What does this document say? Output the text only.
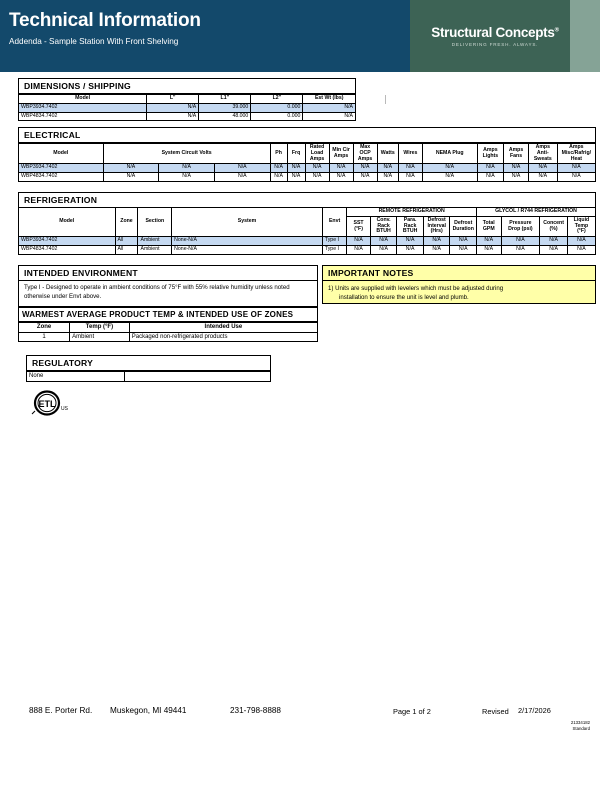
Technical Information
Addenda - Sample Station With Front Shelving
Structural Concepts®
DELIVERING FRESH. ALWAYS.
DIMENSIONS / SHIPPING
Model	L"	L1"	L2"	Est Wt (lbs)
WBP3934.7402	N/A	39.000	0.000	N/A
WBP4834.7402	N/A	48.000	0.000	N/A
ELECTRICAL
Model	System Circuit Volts			Ph	Frq	Rated Load Amps	Min Cir Amps	Max OCP Amps	Watts	Wires	NEMA Plug	Amps Lights	Amps Fans	Amps Anti-Sweats	Amps Misc/Rafrig/ Heat
WBP3934.7402	N/A	N/A	N/A	N/A	N/A	N/A	N/A	N/A	N/A	N/A	N/A	N/A	N/A	N/A	N/A
WBP4834.7402	N/A	N/A	N/A	N/A	N/A	N/A	N/A	N/A	N/A	N/A	N/A	N/A	N/A	N/A	N/A
REFRIGERATION
Model	Zone	Section	System	Envt	REMOTE REFRIGERATION					GLYCOL / R744 REFRIGERATION			
					SST (°F)	Conv. Rack BTUH	Para. Rack BTUH	Defrost Interval (Hrs)	Defrost Duration	Total GPM	Pressure Drop (psi)	Concent (%)	Liquid Temp (°F)
WBP3934.7402	All	Ambient	None-N/A	Type I	N/A	N/A	N/A	N/A	N/A	N/A	N/A	N/A	N/A
WBP4834.7402	All	Ambient	None-N/A	Type I	N/A	N/A	N/A	N/A	N/A	N/A	N/A	N/A	N/A
INTENDED ENVIRONMENT
Type I - Designed to operate in ambient conditions of 75°F with 55% relative humidity unless noted otherwise under Envt above.
IMPORTANT NOTES
1) Units are supplied with levelers which must be adjusted during
installation to ensure the unit is level and plumb.
WARMEST AVERAGE PRODUCT TEMP & INTENDED USE OF ZONES
Zone	Temp (°F)	Intended Use
1	Ambient	Packaged non-refrigerated products
REGULATORY
None	
ETL US
888 E. Porter Rd. Muskegon, MI 49441	231-798-8888	Page 1 of 2	Revised 2/17/2026
21334182
Standard
